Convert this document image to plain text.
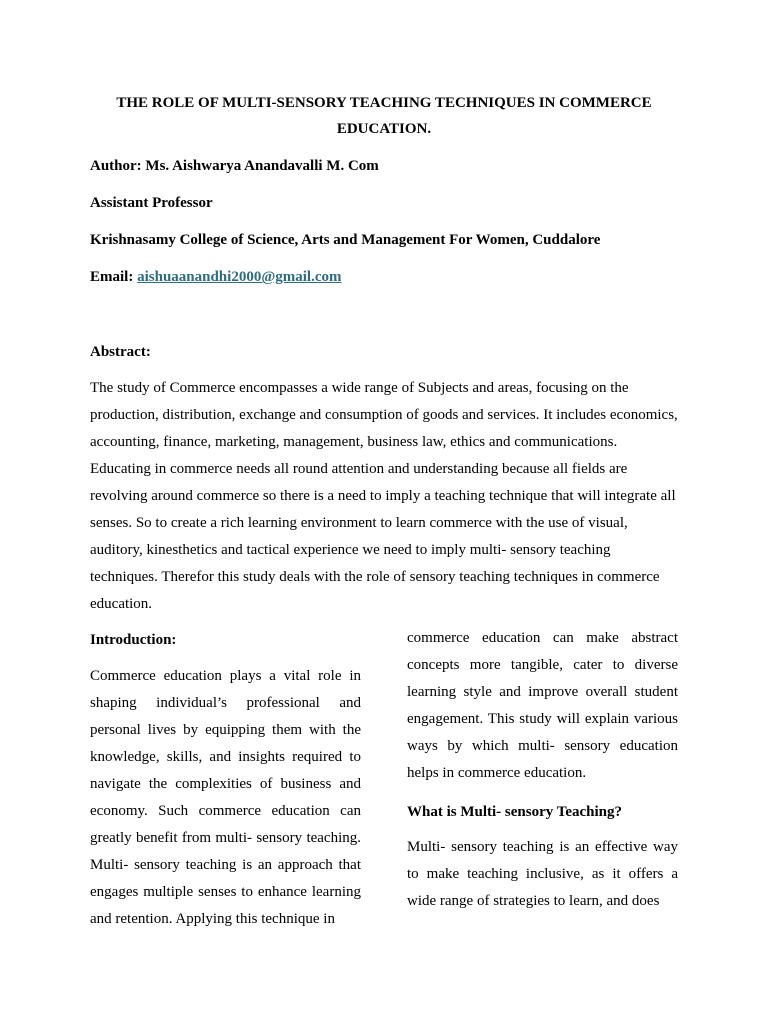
THE ROLE OF MULTI-SENSORY TEACHING TECHNIQUES IN COMMERCE EDUCATION.
Author: Ms. Aishwarya Anandavalli M. Com
Assistant Professor
Krishnasamy College of Science, Arts and Management For Women, Cuddalore
Email: aishuaanandhi2000@gmail.com
Abstract:

The study of Commerce encompasses a wide range of Subjects and areas, focusing on the production, distribution, exchange and consumption of goods and services. It includes economics, accounting, finance, marketing, management, business law, ethics and communications. Educating in commerce needs all round attention and understanding because all fields are revolving around commerce so there is a need to imply a teaching technique that will integrate all senses. So to create a rich learning environment to learn commerce with the use of visual, auditory, kinesthetics and tactical experience we need to imply multi- sensory teaching techniques. Therefor this study deals with the role of sensory teaching techniques in commerce education.

Introduction:

Commerce education plays a vital role in shaping individual’s professional and personal lives by equipping them with the knowledge, skills, and insights required to navigate the complexities of business and economy. Such commerce education can greatly benefit from multi- sensory teaching. Multi- sensory teaching is an approach that engages multiple senses to enhance learning and retention. Applying this technique in

commerce education can make abstract concepts more tangible, cater to diverse learning style and improve overall student engagement. This study will explain various ways by which multi- sensory education helps in commerce education.

What is Multi- sensory Teaching?

Multi- sensory teaching is an effective way to make teaching inclusive, as it offers a wide range of strategies to learn, and does
